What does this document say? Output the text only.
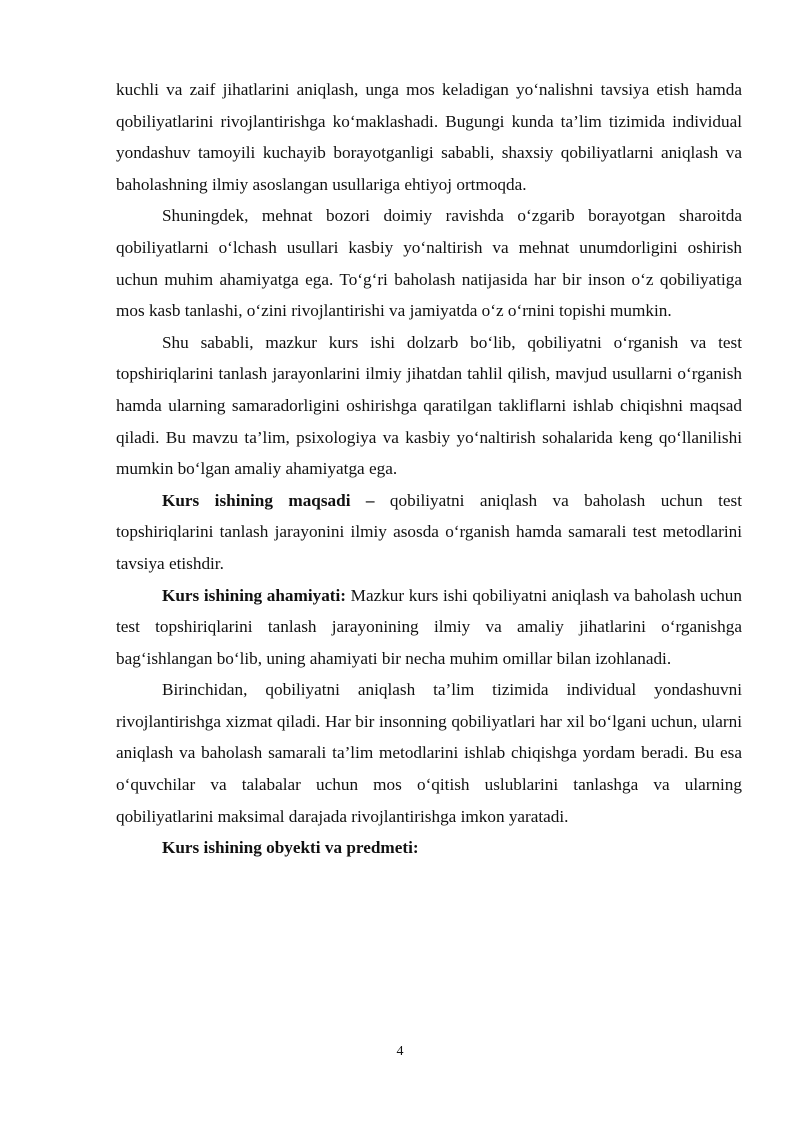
kuchli va zaif jihatlarini aniqlash, unga mos keladigan yo‘nalishni tavsiya etish hamda qobiliyatlarini rivojlantirishga ko‘maklashadi. Bugungi kunda ta’lim tizimida individual yondashuv tamoyili kuchayib borayotganligi sababli, shaxsiy qobiliyatlarni aniqlash va baholashning ilmiy asoslangan usullariga ehtiyoj ortmoqda.

Shuningdek, mehnat bozori doimiy ravishda o‘zgarib borayotgan sharoitda qobiliyatlarni o‘lchash usullari kasbiy yo‘naltirish va mehnat unumdorligini oshirish uchun muhim ahamiyatga ega. To‘g‘ri baholash natijasida har bir inson o‘z qobiliyatiga mos kasb tanlashi, o‘zini rivojlantirishi va jamiyatda o‘z o‘rnini topishi mumkin.

Shu sababli, mazkur kurs ishi dolzarb bo‘lib, qobiliyatni o‘rganish va test topshiriqlarini tanlash jarayonlarini ilmiy jihatdan tahlil qilish, mavjud usullarni o‘rganish hamda ularning samaradorligini oshirishga qaratilgan takliflarni ishlab chiqishni maqsad qiladi. Bu mavzu ta’lim, psixologiya va kasbiy yo‘naltirish sohalarida keng qo‘llanilishi mumkin bo‘lgan amaliy ahamiyatga ega.

Kurs ishining maqsadi – qobiliyatni aniqlash va baholash uchun test topshiriqlarini tanlash jarayonini ilmiy asosda o‘rganish hamda samarali test metodlarini tavsiya etishdir.

Kurs ishining ahamiyati: Mazkur kurs ishi qobiliyatni aniqlash va baholash uchun test topshiriqlarini tanlash jarayonining ilmiy va amaliy jihatlarini o‘rganishga bag‘ishlangan bo‘lib, uning ahamiyati bir necha muhim omillar bilan izohlanadi.

Birinchidan, qobiliyatni aniqlash ta’lim tizimida individual yondashuvni rivojlantirishga xizmat qiladi. Har bir insonning qobiliyatlari har xil bo‘lgani uchun, ularni aniqlash va baholash samarali ta’lim metodlarini ishlab chiqishga yordam beradi. Bu esa o‘quvchilar va talabalar uchun mos o‘qitish uslublarini tanlashga va ularning qobiliyatlarini maksimal darajada rivojlantirishga imkon yaratadi.

Kurs ishining obyekti va predmeti:

4
